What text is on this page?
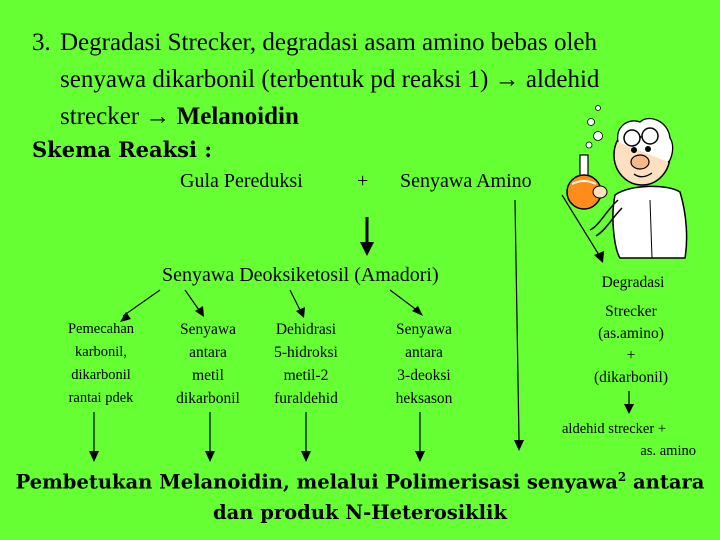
3. Degradasi Strecker, degradasi asam amino bebas oleh
senyawa dikarbonil (terbentuk pd reaksi 1) → aldehid
strecker → Melanoidin
Skema Reaksi :
Gula Pereduksi	+ Senyawa Amino
Senyawa Deoksiketosil (Amadori)
Pemecahan
karbonil,
dikarbonil
rantai pdek
Senyawa
antara
metil
dikarbonil
Dehidrasi
5-hidroksi
metil-2
furaldehid
Senyawa
antara
3-deoksi
heksason
Degradasi
Strecker
(as.amino)
+
(dikarbonil)
aldehid strecker +
as. amino
Pembetukan Melanoidin, melalui Polimerisasi senyawa$^2$ antara
dan produk N-Heterosiklik
